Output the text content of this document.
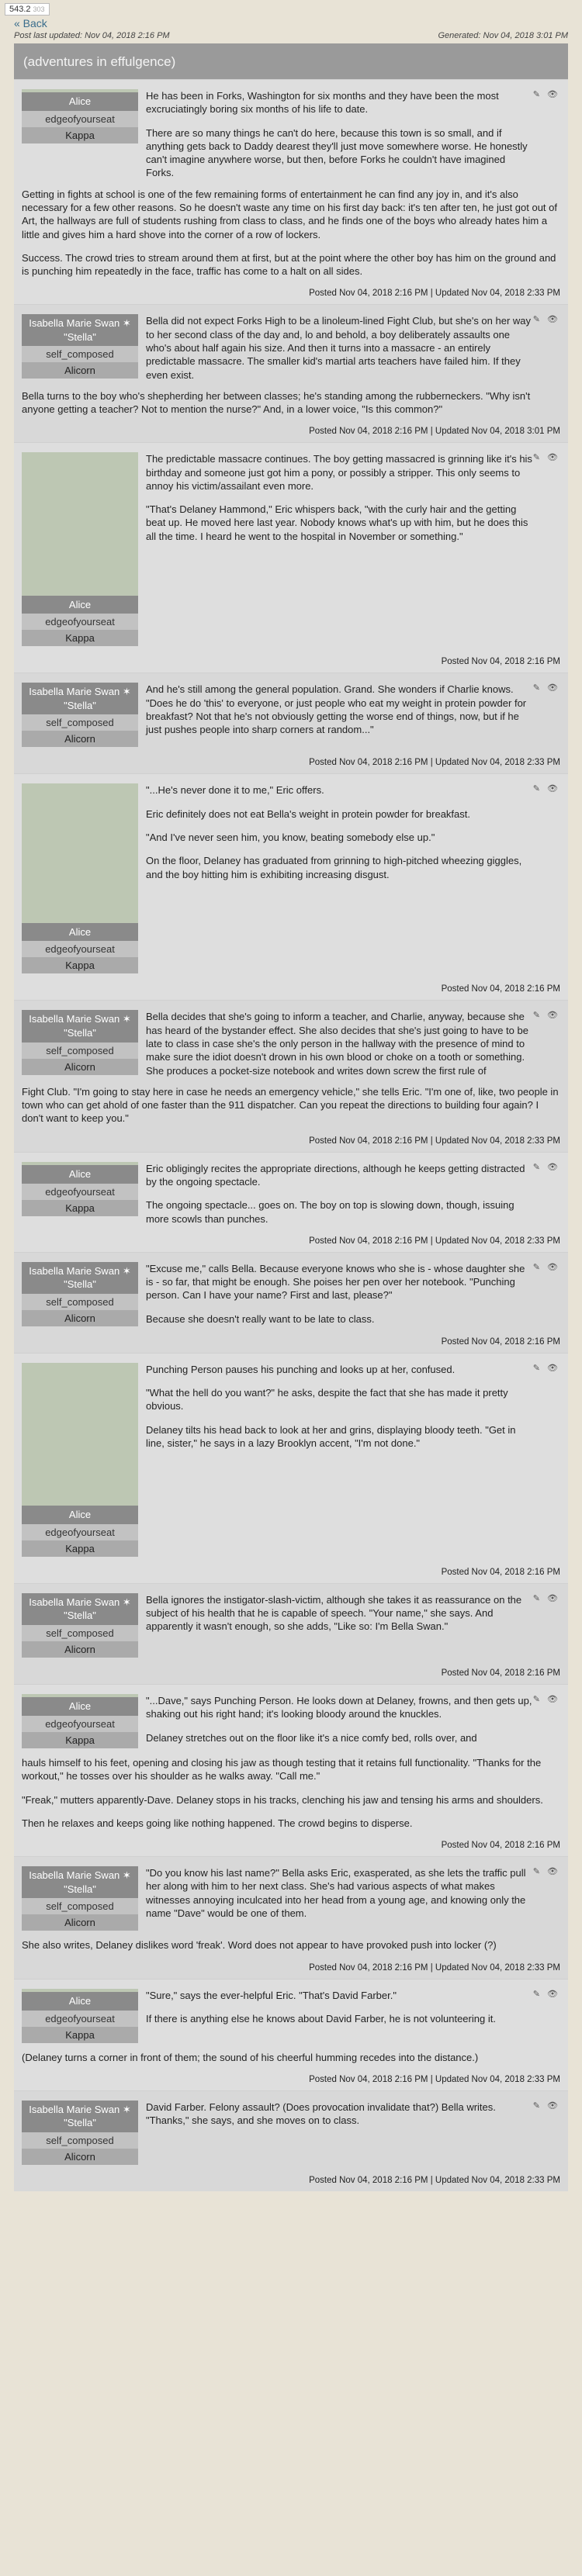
543.2 303
« Back
Post last updated: Nov 04, 2018 2:16 PM	Generated: Nov 04, 2018 3:01 PM
(adventures in effulgence)
✎ 👁
Alice
edgeofyourseat
Kappa

He has been in Forks, Washington for six months and they have been the most excruciatingly boring six months of his life to date.

There are so many things he can't do here, because this town is so small, and if anything gets back to Daddy dearest they'll just move somewhere worse. He honestly can't imagine anywhere worse, but then, before Forks he couldn't have imagined Forks.

Getting in fights at school is one of the few remaining forms of entertainment he can find any joy in, and it's also necessary for a few other reasons. So he doesn't waste any time on his first day back: it's ten after ten, he just got out of Art, the hallways are full of students rushing from class to class, and he finds one of the boys who already hates him a little and gives him a hard shove into the corner of a row of lockers.

Success. The crowd tries to stream around them at first, but at the point where the other boy has him on the ground and is punching him repeatedly in the face, traffic has come to a halt on all sides.

Posted Nov 04, 2018 2:16 PM | Updated Nov 04, 2018 2:33 PM
✎ 👁
Isabella Marie Swan ✶ "Stella"
self_composed
Alicorn

Bella did not expect Forks High to be a linoleum-lined Fight Club, but she's on her way to her second class of the day and, lo and behold, a boy deliberately assaults one who's about half again his size. And then it turns into a massacre - an entirely predictable massacre. The smaller kid's martial arts teachers have failed him. If they even exist.

Bella turns to the boy who's shepherding her between classes; he's standing among the rubberneckers. "Why isn't anyone getting a teacher? Not to mention the nurse?" And, in a lower voice, "Is this common?"

Posted Nov 04, 2018 2:16 PM | Updated Nov 04, 2018 3:01 PM
✎ 👁
Alice
edgeofyourseat
Kappa

The predictable massacre continues. The boy getting massacred is grinning like it's his birthday and someone just got him a pony, or possibly a stripper. This only seems to annoy his victim/assailant even more.

"That's Delaney Hammond," Eric whispers back, "with the curly hair and the getting beat up. He moved here last year. Nobody knows what's up with him, but he does this all the time. I heard he went to the hospital in November or something."

Posted Nov 04, 2018 2:16 PM
✎ 👁
Isabella Marie Swan ✶ "Stella"
self_composed
Alicorn

And he's still among the general population. Grand. She wonders if Charlie knows. "Does he do 'this' to everyone, or just people who eat my weight in protein powder for breakfast? Not that he's not obviously getting the worse end of things, now, but if he just pushes people into sharp corners at random..."

Posted Nov 04, 2018 2:16 PM | Updated Nov 04, 2018 2:33 PM
✎ 👁
Alice
edgeofyourseat
Kappa

"...He's never done it to me," Eric offers.

Eric definitely does not eat Bella's weight in protein powder for breakfast.

"And I've never seen him, you know, beating somebody else up."

On the floor, Delaney has graduated from grinning to high-pitched wheezing giggles, and the boy hitting him is exhibiting increasing disgust.

Posted Nov 04, 2018 2:16 PM
✎ 👁
Isabella Marie Swan ✶ "Stella"
self_composed
Alicorn

Bella decides that she's going to inform a teacher, and Charlie, anyway, because she has heard of the bystander effect. She also decides that she's just going to have to be late to class in case she's the only person in the hallway with the presence of mind to make sure the idiot doesn't drown in his own blood or choke on a tooth or something. She produces a pocket-size notebook and writes down screw the first rule of

Fight Club. "I'm going to stay here in case he needs an emergency vehicle," she tells Eric. "I'm one of, like, two people in town who can get ahold of one faster than the 911 dispatcher. Can you repeat the directions to building four again? I don't want to keep you."

Posted Nov 04, 2018 2:16 PM | Updated Nov 04, 2018 2:33 PM
✎ 👁
Alice
edgeofyourseat
Kappa

Eric obligingly recites the appropriate directions, although he keeps getting distracted by the ongoing spectacle.

The ongoing spectacle... goes on. The boy on top is slowing down, though, issuing more scowls than punches.

Posted Nov 04, 2018 2:16 PM | Updated Nov 04, 2018 2:33 PM
✎ 👁
Isabella Marie Swan ✶ "Stella"
self_composed
Alicorn

"Excuse me," calls Bella. Because everyone knows who she is - whose daughter she is - so far, that might be enough. She poises her pen over her notebook. "Punching person. Can I have your name? First and last, please?"

Because she doesn't really want to be late to class.

Posted Nov 04, 2018 2:16 PM
✎ 👁
Alice
edgeofyourseat
Kappa

Punching Person pauses his punching and looks up at her, confused.

"What the hell do you want?" he asks, despite the fact that she has made it pretty obvious.

Delaney tilts his head back to look at her and grins, displaying bloody teeth. "Get in line, sister," he says in a lazy Brooklyn accent, "I'm not done."

Posted Nov 04, 2018 2:16 PM
✎ 👁
Isabella Marie Swan ✶ "Stella"
self_composed
Alicorn

Bella ignores the instigator-slash-victim, although she takes it as reassurance on the subject of his health that he is capable of speech. "Your name," she says. And apparently it wasn't enough, so she adds, "Like so: I'm Bella Swan."

Posted Nov 04, 2018 2:16 PM
✎ 👁
Alice
edgeofyourseat
Kappa

"...Dave," says Punching Person. He looks down at Delaney, frowns, and then gets up, shaking out his right hand; it's looking bloody around the knuckles.

Delaney stretches out on the floor like it's a nice comfy bed, rolls over, and

hauls himself to his feet, opening and closing his jaw as though testing that it retains full functionality. "Thanks for the workout," he tosses over his shoulder as he walks away. "Call me."

"Freak," mutters apparently-Dave. Delaney stops in his tracks, clenching his jaw and tensing his arms and shoulders.

Then he relaxes and keeps going like nothing happened. The crowd begins to disperse.

Posted Nov 04, 2018 2:16 PM
✎ 👁
Isabella Marie Swan ✶ "Stella"
self_composed
Alicorn

"Do you know his last name?" Bella asks Eric, exasperated, as she lets the traffic pull her along with him to her next class. She's had various aspects of what makes witnesses annoying inculcated into her head from a young age, and knowing only the name "Dave" would be one of them.

She also writes, Delaney dislikes word 'freak'. Word does not appear to have provoked push into locker (?)

Posted Nov 04, 2018 2:16 PM | Updated Nov 04, 2018 2:33 PM
✎ 👁
Alice
edgeofyourseat
Kappa

"Sure," says the ever-helpful Eric. "That's David Farber."

If there is anything else he knows about David Farber, he is not volunteering it.

(Delaney turns a corner in front of them; the sound of his cheerful humming recedes into the distance.)

Posted Nov 04, 2018 2:16 PM | Updated Nov 04, 2018 2:33 PM
✎ 👁
Isabella Marie Swan ✶ "Stella"
self_composed
Alicorn

David Farber. Felony assault? (Does provocation invalidate that?) Bella writes. "Thanks," she says, and she moves on to class.

Posted Nov 04, 2018 2:16 PM | Updated Nov 04, 2018 2:33 PM
